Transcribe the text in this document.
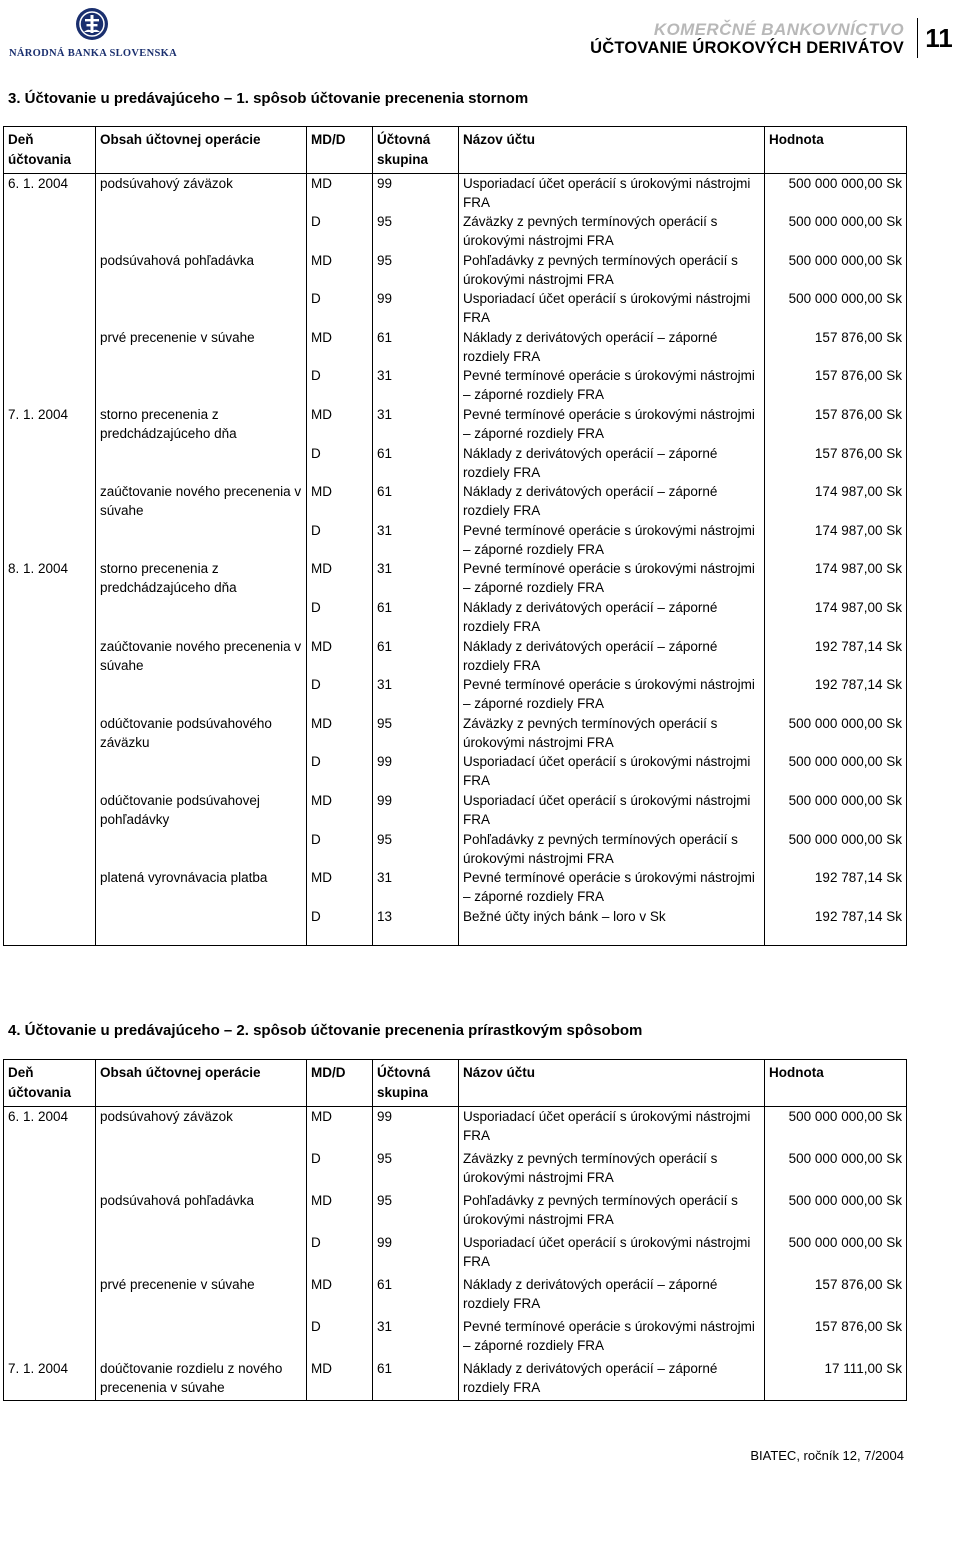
NÁRODNÁ BANKA SLOVENSKA
KOMERČNÉ BANKOVNÍCTVO
ÚČTOVANIE ÚROKOVÝCH DERIVÁTOV 11
3. Účtovanie u predávajúceho – 1. spôsob účtovanie precenenia stornom
Deň účtovania	Obsah účtovnej operácie	MD/D	Účtovná skupina	Názov účtu	Hodnota
6. 1. 2004	podsúvahový záväzok	MD	99	Usporiadací účet operácií s úrokovými nástrojmi FRA	500 000 000,00 Sk
		D	95	Záväzky z pevných termínových operácií s úrokovými nástrojmi FRA	500 000 000,00 Sk
	podsúvahová pohľadávka	MD	95	Pohľadávky z pevných termínových operácií s úrokovými nástrojmi FRA	500 000 000,00 Sk
		D	99	Usporiadací účet operácií s úrokovými nástrojmi FRA	500 000 000,00 Sk
	prvé precenenie v súvahe	MD	61	Náklady z derivátových operácií – záporné rozdiely FRA	157 876,00 Sk
		D	31	Pevné termínové operácie s úrokovými nástrojmi – záporné rozdiely FRA	157 876,00 Sk
7. 1. 2004	storno precenenia z predchádzajúceho dňa	MD	31	Pevné termínové operácie s úrokovými nástrojmi – záporné rozdiely FRA	157 876,00 Sk
		D	61	Náklady z derivátových operácií – záporné rozdiely FRA	157 876,00 Sk
	zaúčtovanie nového precenenia v súvahe	MD	61	Náklady z derivátových operácií – záporné rozdiely FRA	174 987,00 Sk
		D	31	Pevné termínové operácie s úrokovými nástrojmi – záporné rozdiely FRA	174 987,00 Sk
8. 1. 2004	storno precenenia z predchádzajúceho dňa	MD	31	Pevné termínové operácie s úrokovými nástrojmi – záporné rozdiely FRA	174 987,00 Sk
		D	61	Náklady z derivátových operácií – záporné rozdiely FRA	174 987,00 Sk
	zaúčtovanie nového precenenia v súvahe	MD	61	Náklady z derivátových operácií – záporné rozdiely FRA	192 787,14 Sk
		D	31	Pevné termínové operácie s úrokovými nástrojmi – záporné rozdiely FRA	192 787,14 Sk
	odúčtovanie podsúvahového záväzku	MD	95	Záväzky z pevných termínových operácií s úrokovými nástrojmi FRA	500 000 000,00 Sk
		D	99	Usporiadací účet operácií s úrokovými nástrojmi FRA	500 000 000,00 Sk
	odúčtovanie podsúvahovej pohľadávky	MD	99	Usporiadací účet operácií s úrokovými nástrojmi FRA	500 000 000,00 Sk
		D	95	Pohľadávky z pevných termínových operácií s úrokovými nástrojmi FRA	500 000 000,00 Sk
	platená vyrovnávacia platba	MD	31	Pevné termínové operácie s úrokovými nástrojmi – záporné rozdiely FRA	192 787,14 Sk
		D	13	Bežné účty iných bánk – loro v Sk	192 787,14 Sk
4. Účtovanie u predávajúceho – 2. spôsob účtovanie precenenia prírastkovým spôsobom
Deň účtovania	Obsah účtovnej operácie	MD/D	Účtovná skupina	Názov účtu	Hodnota
6. 1. 2004	podsúvahový záväzok	MD	99	Usporiadací účet operácií s úrokovými nástrojmi FRA	500 000 000,00 Sk
		D	95	Záväzky z pevných termínových operácií s úrokovými nástrojmi FRA	500 000 000,00 Sk
	podsúvahová pohľadávka	MD	95	Pohľadávky z pevných termínových operácií s úrokovými nástrojmi FRA	500 000 000,00 Sk
		D	99	Usporiadací účet operácií s úrokovými nástrojmi FRA	500 000 000,00 Sk
	prvé precenenie v súvahe	MD	61	Náklady z derivátových operácií – záporné rozdiely FRA	157 876,00 Sk
		D	31	Pevné termínové operácie s úrokovými nástrojmi – záporné rozdiely FRA	157 876,00 Sk
7. 1. 2004	doúčtovanie rozdielu z nového precenenia v súvahe	MD	61	Náklady z derivátových operácií – záporné rozdiely FRA	17 111,00 Sk
BIATEC, ročník 12, 7/2004
